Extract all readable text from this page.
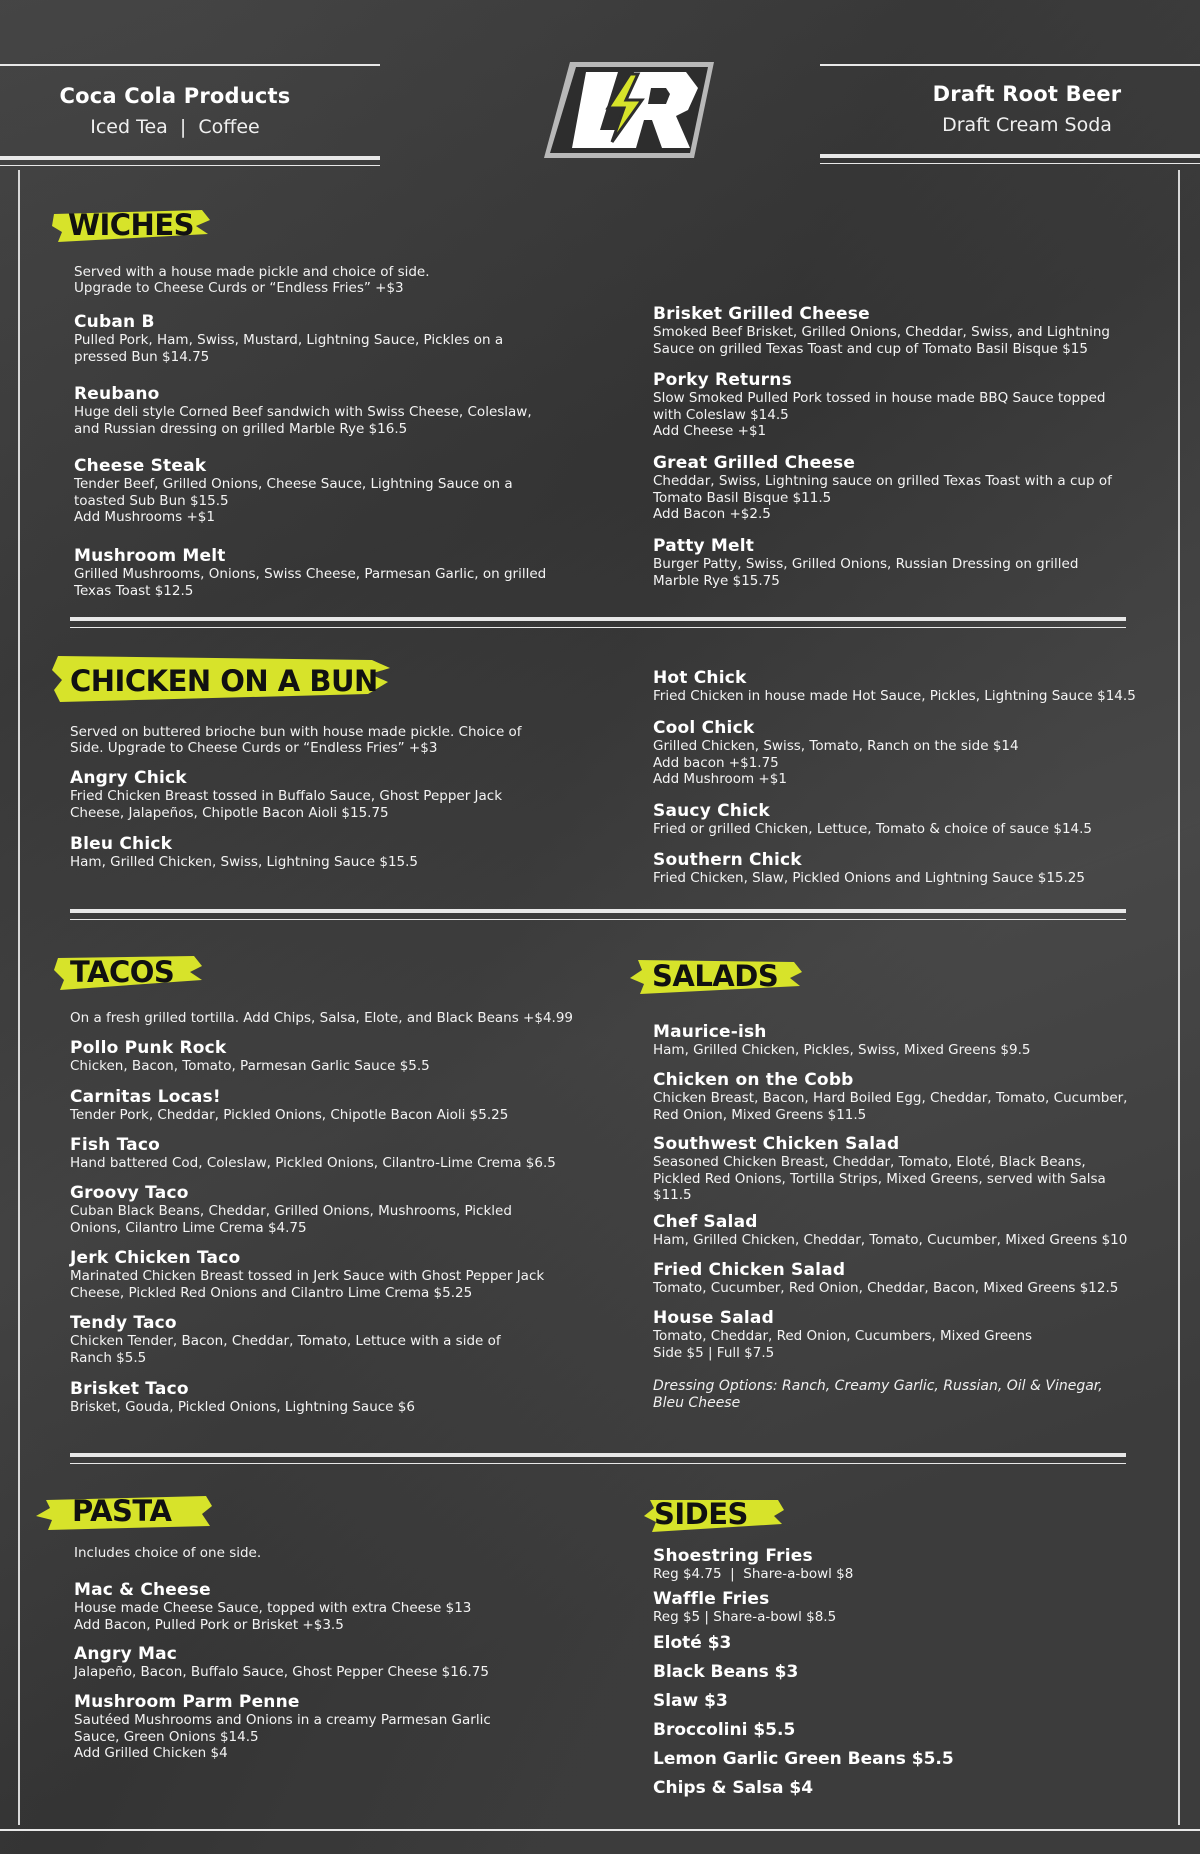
Coca Cola Products
Iced Tea  |  Coffee
Draft Root Beer
Draft Cream Soda
WICHES
Served with a house made pickle and choice of side.
Upgrade to Cheese Curds or “Endless Fries” +$3
Cuban B
Pulled Pork, Ham, Swiss, Mustard, Lightning Sauce, Pickles on a
pressed Bun $14.75
Reubano
Huge deli style Corned Beef sandwich with Swiss Cheese, Coleslaw,
and Russian dressing on grilled Marble Rye $16.5
Cheese Steak
Tender Beef, Grilled Onions, Cheese Sauce, Lightning Sauce on a
toasted Sub Bun $15.5
Add Mushrooms +$1
Mushroom Melt
Grilled Mushrooms, Onions, Swiss Cheese, Parmesan Garlic, on grilled
Texas Toast $12.5
Brisket Grilled Cheese
Smoked Beef Brisket, Grilled Onions, Cheddar, Swiss, and Lightning
Sauce on grilled Texas Toast and cup of Tomato Basil Bisque $15
Porky Returns
Slow Smoked Pulled Pork tossed in house made BBQ Sauce topped
with Coleslaw $14.5
Add Cheese +$1
Great Grilled Cheese
Cheddar, Swiss, Lightning sauce on grilled Texas Toast with a cup of
Tomato Basil Bisque $11.5
Add Bacon +$2.5
Patty Melt
Burger Patty, Swiss, Grilled Onions, Russian Dressing on grilled
Marble Rye $15.75
CHICKEN ON A BUN
Served on buttered brioche bun with house made pickle. Choice of
Side. Upgrade to Cheese Curds or “Endless Fries” +$3
Angry Chick
Fried Chicken Breast tossed in Buffalo Sauce, Ghost Pepper Jack
Cheese, Jalapeños, Chipotle Bacon Aioli $15.75
Bleu Chick
Ham, Grilled Chicken, Swiss, Lightning Sauce $15.5
Hot Chick
Fried Chicken in house made Hot Sauce, Pickles, Lightning Sauce $14.5
Cool Chick
Grilled Chicken, Swiss, Tomato, Ranch on the side $14
Add bacon +$1.75
Add Mushroom +$1
Saucy Chick
Fried or grilled Chicken, Lettuce, Tomato & choice of sauce $14.5
Southern Chick
Fried Chicken, Slaw, Pickled Onions and Lightning Sauce $15.25
TACOS
On a fresh grilled tortilla. Add Chips, Salsa, Elote, and Black Beans +$4.99
Pollo Punk Rock
Chicken, Bacon, Tomato, Parmesan Garlic Sauce $5.5
Carnitas Locas!
Tender Pork, Cheddar, Pickled Onions, Chipotle Bacon Aioli $5.25
Fish Taco
Hand battered Cod, Coleslaw, Pickled Onions, Cilantro-Lime Crema $6.5
Groovy Taco
Cuban Black Beans, Cheddar, Grilled Onions, Mushrooms, Pickled
Onions, Cilantro Lime Crema $4.75
Jerk Chicken Taco
Marinated Chicken Breast tossed in Jerk Sauce with Ghost Pepper Jack
Cheese, Pickled Red Onions and Cilantro Lime Crema $5.25
Tendy Taco
Chicken Tender, Bacon, Cheddar, Tomato, Lettuce with a side of
Ranch $5.5
Brisket Taco
Brisket, Gouda, Pickled Onions, Lightning Sauce $6
SALADS
Maurice-ish
Ham, Grilled Chicken, Pickles, Swiss, Mixed Greens $9.5
Chicken on the Cobb
Chicken Breast, Bacon, Hard Boiled Egg, Cheddar, Tomato, Cucumber,
Red Onion, Mixed Greens $11.5
Southwest Chicken Salad
Seasoned Chicken Breast, Cheddar, Tomato, Eloté, Black Beans,
Pickled Red Onions, Tortilla Strips, Mixed Greens, served with Salsa
$11.5
Chef Salad
Ham, Grilled Chicken, Cheddar, Tomato, Cucumber, Mixed Greens $10
Fried Chicken Salad
Tomato, Cucumber, Red Onion, Cheddar, Bacon, Mixed Greens $12.5
House Salad
Tomato, Cheddar, Red Onion, Cucumbers, Mixed Greens
Side $5 | Full $7.5
Dressing Options: Ranch, Creamy Garlic, Russian, Oil & Vinegar,
Bleu Cheese
PASTA
Includes choice of one side.
Mac & Cheese
House made Cheese Sauce, topped with extra Cheese $13
Add Bacon, Pulled Pork or Brisket +$3.5
Angry Mac
Jalapeño, Bacon, Buffalo Sauce, Ghost Pepper Cheese $16.75
Mushroom Parm Penne
Sautéed Mushrooms and Onions in a creamy Parmesan Garlic
Sauce, Green Onions $14.5
Add Grilled Chicken $4
SIDES
Shoestring Fries
Reg $4.75  |  Share-a-bowl $8
Waffle Fries
Reg $5 | Share-a-bowl $8.5
Eloté $3
Black Beans $3
Slaw $3
Broccolini $5.5
Lemon Garlic Green Beans $5.5
Chips & Salsa $4
